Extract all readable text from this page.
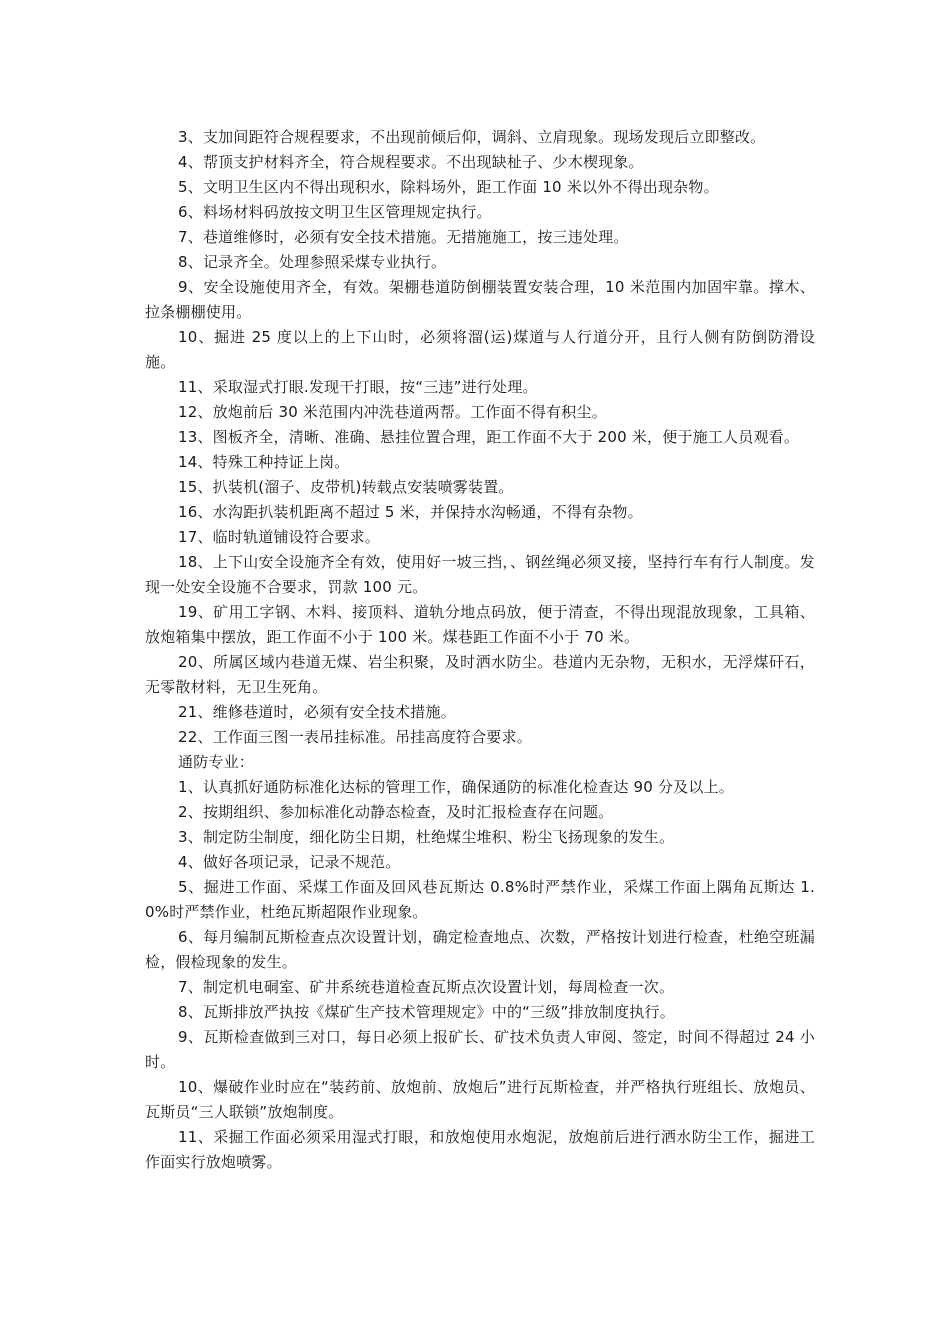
3、支加间距符合规程要求，不出现前倾后仰，调斜、立肩现象。现场发现后立即整改。

4、帮顶支护材料齐全，符合规程要求。不出现缺杫子、少木楔现象。

5、文明卫生区内不得出现积水，除料场外，距工作面 10 米以外不得出现杂物。

6、料场材料码放按文明卫生区管理规定执行。

7、巷道维修时，必须有安全技术措施。无措施施工，按三违处理。

8、记录齐全。处理参照采煤专业执行。

9、安全设施使用齐全，有效。架棚巷道防倒棚装置安装合理，10 米范围内加固牢靠。撑木、拉条棚棚使用。

10、掘进 25 度以上的上下山时，必须将溜(运)煤道与人行道分开，且行人侧有防倒防滑设施。

11、采取湿式打眼.发现干打眼，按“三违”进行处理。

12、放炮前后 30 米范围内冲洗巷道两帮。工作面不得有积尘。

13、图板齐全，清晰、准确、悬挂位置合理，距工作面不大于 200 米，便于施工人员观看。

14、特殊工种持证上岗。

15、扒装机(溜子、皮带机)转载点安装喷雾装置。

16、水沟距扒装机距离不超过 5 米，并保持水沟畅通，不得有杂物。

17、临时轨道铺设符合要求。

18、上下山安全设施齐全有效，使用好一坡三挡，、钢丝绳必须叉接，坚持行车有行人制度。发现一处安全设施不合要求，罚款 100 元。

19、矿用工字钢、木料、接顶料、道轨分地点码放，便于清查，不得出现混放现象，工具箱、放炮箱集中摆放，距工作面不小于 100 米。煤巷距工作面不小于 70 米。

20、所属区域内巷道无煤、岩尘积聚，及时洒水防尘。巷道内无杂物，无积水，无浮煤矸石，无零散材料，无卫生死角。

21、维修巷道时，必须有安全技术措施。

22、工作面三图一表吊挂标准。吊挂高度符合要求。

通防专业：

1、认真抓好通防标准化达标的管理工作，确保通防的标准化检查达 90 分及以上。

2、按期组织、参加标准化动静态检查，及时汇报检查存在问题。

3、制定防尘制度，细化防尘日期，杜绝煤尘堆积、粉尘飞扬现象的发生。

4、做好各项记录，记录不规范。

5、掘进工作面、采煤工作面及回风巷瓦斯达 0.8%时严禁作业，采煤工作面上隅角瓦斯达 1.0%时严禁作业，杜绝瓦斯超限作业现象。

6、每月编制瓦斯检查点次设置计划，确定检查地点、次数，严格按计划进行检查，杜绝空班漏检，假检现象的发生。

7、制定机电硐室、矿井系统巷道检查瓦斯点次设置计划，每周检查一次。

8、瓦斯排放严执按《煤矿生产技术管理规定》中的“三级”排放制度执行。

9、瓦斯检查做到三对口，每日必须上报矿长、矿技术负责人审阅、签定，时间不得超过 24 小时。

10、爆破作业时应在“装药前、放炮前、放炮后”进行瓦斯检查，并严格执行班组长、放炮员、瓦斯员“三人联锁”放炮制度。

11、采掘工作面必须采用湿式打眼，和放炮使用水炮泥，放炮前后进行洒水防尘工作，掘进工作面实行放炮喷雾。
